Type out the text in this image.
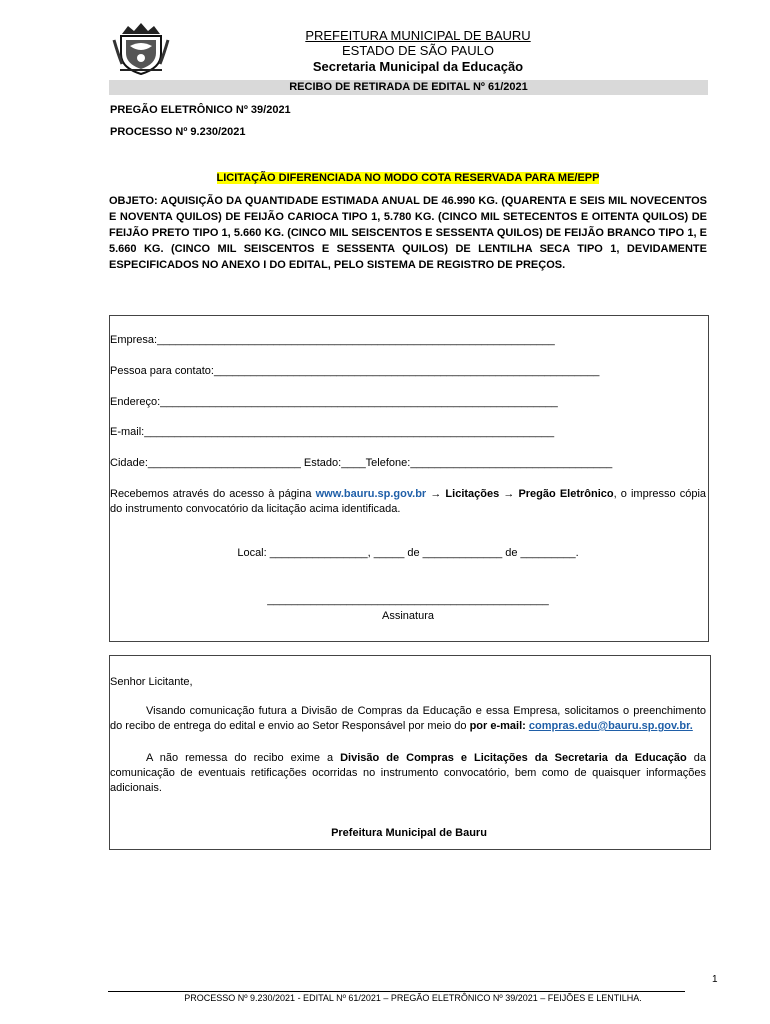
PREFEITURA MUNICIPAL DE BAURU
ESTADO DE SÃO PAULO
Secretaria Municipal da Educação
RECIBO DE RETIRADA DE EDITAL Nº 61/2021
PREGÃO ELETRÔNICO Nº 39/2021
PROCESSO Nº 9.230/2021
LICITAÇÃO DIFERENCIADA NO MODO COTA RESERVADA PARA ME/EPP
OBJETO: AQUISIÇÃO DA QUANTIDADE ESTIMADA ANUAL DE 46.990 KG. (QUARENTA E SEIS MIL NOVECENTOS E NOVENTA QUILOS) DE FEIJÃO CARIOCA TIPO 1, 5.780 KG. (CINCO MIL SETECENTOS E OITENTA QUILOS) DE FEIJÃO PRETO TIPO 1, 5.660 KG. (CINCO MIL SEISCENTOS E SESSENTA QUILOS) DE FEIJÃO BRANCO TIPO 1, E 5.660 KG. (CINCO MIL SEISCENTOS E SESSENTA QUILOS) DE LENTILHA SECA TIPO 1, DEVIDAMENTE ESPECIFICADOS NO ANEXO I DO EDITAL, PELO SISTEMA DE REGISTRO DE PREÇOS.
Empresa:_________________________________________________________________
Pessoa para contato:_______________________________________________________________
Endereço:_________________________________________________________________
E-mail:___________________________________________________________________
Cidade:_________________________ Estado:____Telefone:_________________________________
Recebemos através do acesso à página www.bauru.sp.gov.br → Licitações → Pregão Eletrônico, o impresso cópia do instrumento convocatório da licitação acima identificada.
Local: ________________, _____ de _____________ de _________.
______________________________________________
Assinatura
Senhor Licitante,
Visando comunicação futura a Divisão de Compras da Educação e essa Empresa, solicitamos o preenchimento do recibo de entrega do edital e envio ao Setor Responsável por meio do por e-mail: compras.edu@bauru.sp.gov.br.
A não remessa do recibo exime a Divisão de Compras e Licitações da Secretaria da Educação da comunicação de eventuais retificações ocorridas no instrumento convocatório, bem como de quaisquer informações adicionais.
Prefeitura Municipal de Bauru
1
PROCESSO Nº 9.230/2021 - EDITAL Nº 61/2021 – PREGÃO ELETRÔNICO Nº 39/2021 – FEIJÕES E LENTILHA.
